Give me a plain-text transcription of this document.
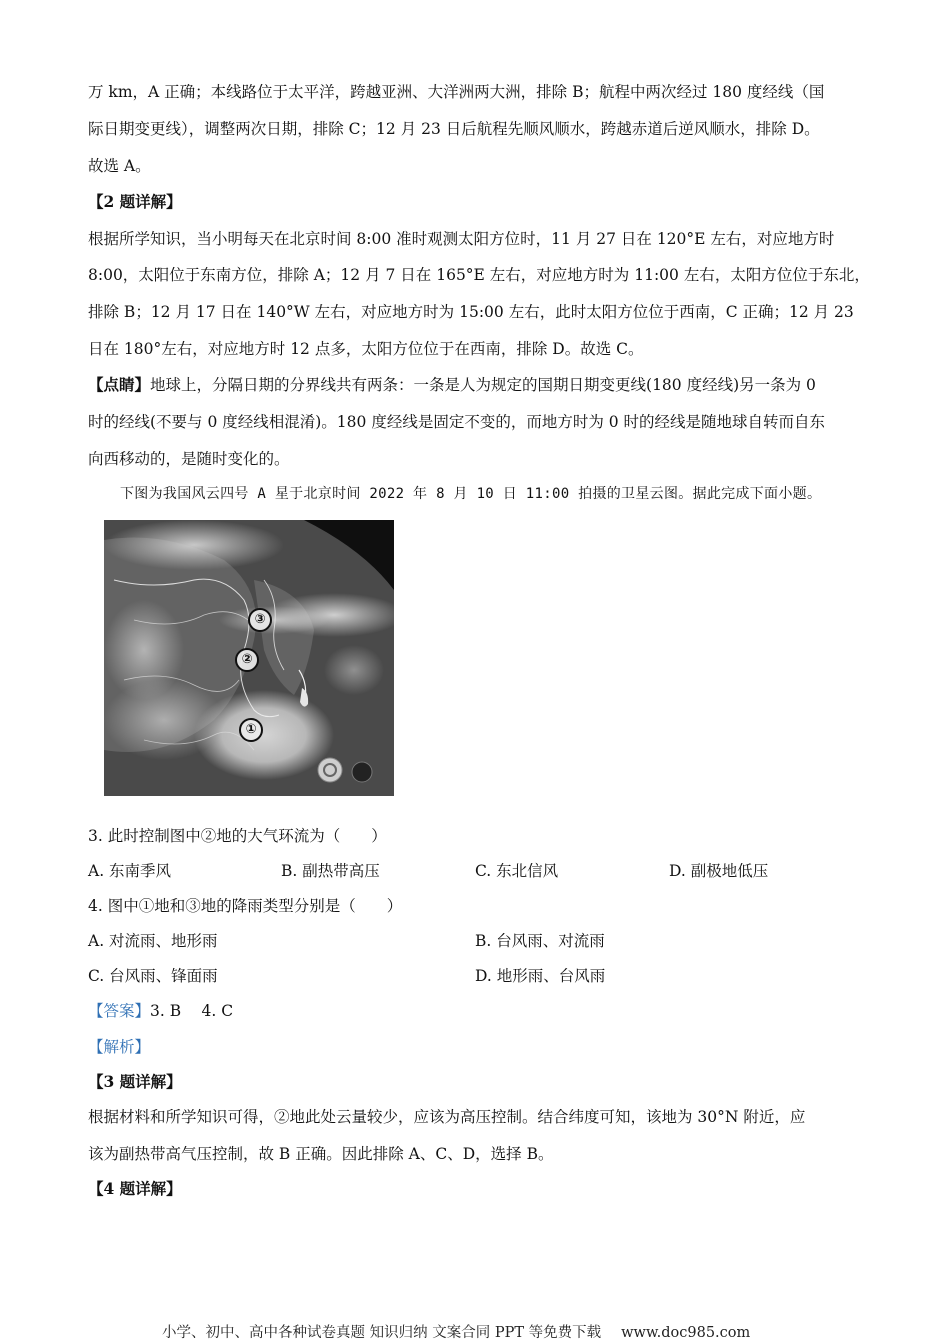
万 km，A 正确；本线路位于太平洋，跨越亚洲、大洋洲两大洲，排除 B；航程中两次经过 180 度经线（国
际日期变更线），调整两次日期，排除 C；12 月 23 日后航程先顺风顺水，跨越赤道后逆风顺水，排除 D。
故选 A。
【2 题详解】
根据所学知识，当小明每天在北京时间 8:00 准时观测太阳方位时，11 月 27 日在 120°E 左右，对应地方时
8:00，太阳位于东南方位，排除 A；12 月 7 日在 165°E 左右，对应地方时为 11:00 左右，太阳方位位于东北，
排除 B；12 月 17 日在 140°W 左右，对应地方时为 15:00 左右，此时太阳方位位于西南，C 正确；12 月 23
日在 180°左右，对应地方时 12 点多，太阳方位位于在西南，排除 D。故选 C。
【点睛】地球上，分隔日期的分界线共有两条：一条是人为规定的国期日期变更线(180 度经线)另一条为 0
时的经线(不要与 0 度经线相混淆)。180 度经线是固定不变的，而地方时为 0 时的经线是随地球自转而自东
向西移动的，是随时变化的。
下图为我国风云四号 A 星于北京时间 2022 年 8 月 10 日 11:00 拍摄的卫星云图。据此完成下面小题。
③
②
①
3. 此时控制图中②地的大气环流为（　　）
A. 东南季风	B. 副热带高压	C. 东北信风	D. 副极地低压
4. 图中①地和③地的降雨类型分别是（　　）
A. 对流雨、地形雨	B. 台风雨、对流雨
C. 台风雨、锋面雨	D. 地形雨、台风雨
【答案】3. B　 4. C
【解析】
【3 题详解】
根据材料和所学知识可得，②地此处云量较少，应该为高压控制。结合纬度可知，该地为 30°N 附近，应
该为副热带高气压控制，故 B 正确。因此排除 A、C、D，选择 B。
【4 题详解】
小学、初中、高中各种试卷真题 知识归纳 文案合同 PPT 等免费下载 www.doc985.com
